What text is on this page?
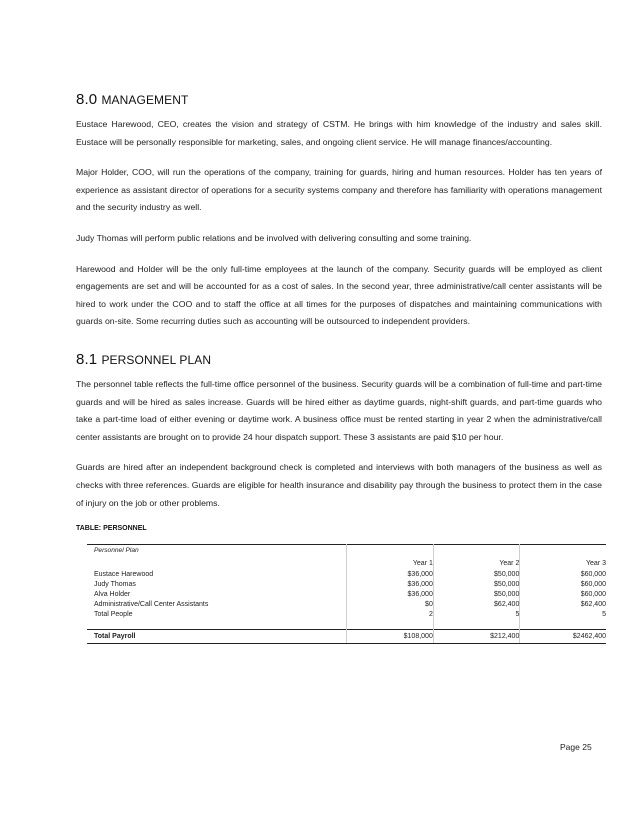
8.0 MANAGEMENT

Eustace Harewood, CEO, creates the vision and strategy of CSTM. He brings with him knowledge of the industry and sales skill. Eustace will be personally responsible for marketing, sales, and ongoing client service. He will manage finances/accounting.

Major Holder, COO, will run the operations of the company, training for guards, hiring and human resources. Holder has ten years of experience as assistant director of operations for a security systems company and therefore has familiarity with operations management and the security industry as well.

Judy Thomas will perform public relations and be involved with delivering consulting and some training.

Harewood and Holder will be the only full-time employees at the launch of the company. Security guards will be employed as client engagements are set and will be accounted for as a cost of sales. In the second year, three administrative/call center assistants will be hired to work under the COO and to staff the office at all times for the purposes of dispatches and maintaining communications with guards on-site. Some recurring duties such as accounting will be outsourced to independent providers.

8.1 PERSONNEL PLAN

The personnel table reflects the full-time office personnel of the business. Security guards will be a combination of full-time and part-time guards and will be hired as sales increase. Guards will be hired either as daytime guards, night-shift guards, and part-time guards who take a part-time load of either evening or daytime work. A business office must be rented starting in year 2 when the administrative/call center assistants are brought on to provide 24 hour dispatch support. These 3 assistants are paid $10 per hour.

Guards are hired after an independent background check is completed and interviews with both managers of the business as well as checks with three references. Guards are eligible for health insurance and disability pay through the business to protect them in the case of injury on the job or other problems.

TABLE: PERSONNEL
Personnel Plan			
	Year 1	Year 2	Year 3
Eustace Harewood	$36,000	$50,000	$60,000
Judy Thomas	$36,000	$50,000	$60,000
Alva Holder	$36,000	$50,000	$60,000
Administrative/Call Center Assistants	$0	$62,400	$62,400
Total People	2	5	5

Total Payroll	$108,000	$212,400	$2462,400
Page 25
